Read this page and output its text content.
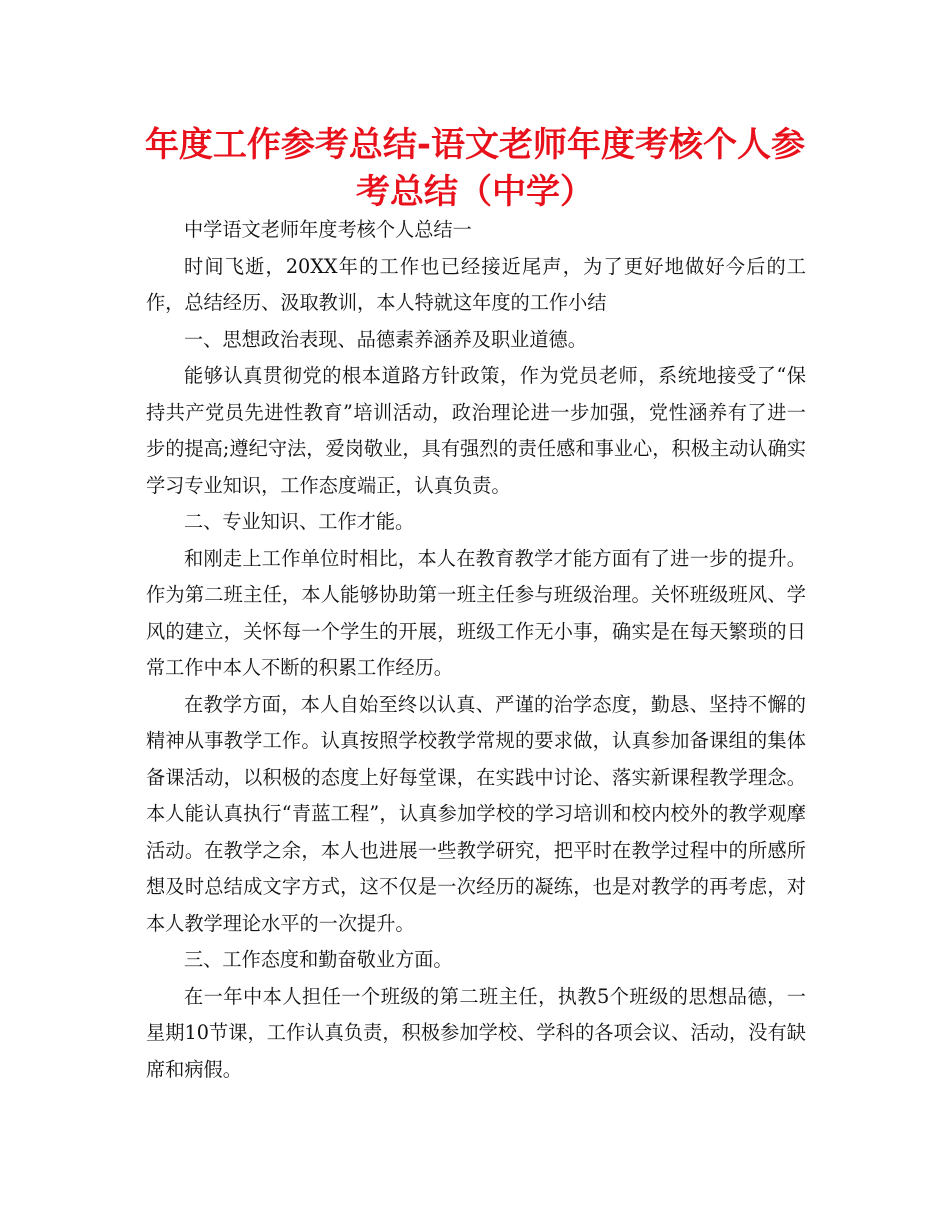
年度工作参考总结-语文老师年度考核个人参考总结（中学）

中学语文老师年度考核个人总结一

时间飞逝，20XX年的工作也已经接近尾声，为了更好地做好今后的工作，总结经历、汲取教训，本人特就这年度的工作小结

一、思想政治表现、品德素养涵养及职业道德。

能够认真贯彻党的根本道路方针政策，作为党员老师，系统地接受了“保持共产党员先进性教育”培训活动，政治理论进一步加强，党性涵养有了进一步的提高;遵纪守法，爱岗敬业，具有强烈的责任感和事业心，积极主动认确实学习专业知识，工作态度端正，认真负责。

二、专业知识、工作才能。

和刚走上工作单位时相比，本人在教育教学才能方面有了进一步的提升。作为第二班主任，本人能够协助第一班主任参与班级治理。关怀班级班风、学风的建立，关怀每一个学生的开展，班级工作无小事，确实是在每天繁琐的日常工作中本人不断的积累工作经历。

在教学方面，本人自始至终以认真、严谨的治学态度，勤恳、坚持不懈的精神从事教学工作。认真按照学校教学常规的要求做，认真参加备课组的集体备课活动，以积极的态度上好每堂课，在实践中讨论、落实新课程教学理念。本人能认真执行“青蓝工程”，认真参加学校的学习培训和校内校外的教学观摩活动。在教学之余，本人也进展一些教学研究，把平时在教学过程中的所感所想及时总结成文字方式，这不仅是一次经历的凝练，也是对教学的再考虑，对本人教学理论水平的一次提升。

三、工作态度和勤奋敬业方面。

在一年中本人担任一个班级的第二班主任，执教5个班级的思想品德，一星期10节课，工作认真负责，积极参加学校、学科的各项会议、活动，没有缺席和病假。
